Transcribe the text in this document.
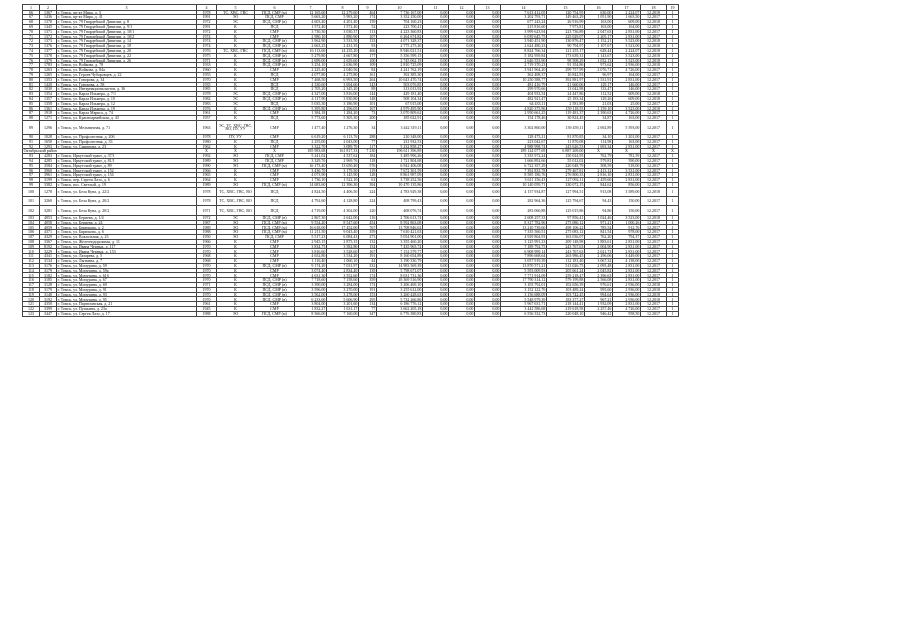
1	2	3	4	5	6	7	8	9	10	11	12	13	14	15	16	17	18	19
66	1367	г. Томск, пр-кт Мира, д. 3	1978	ТС, ХВС, ГВС	ПСД, СМР (м)	12 165,60	12 279,60	464	7 736 167,00	0,00	0,00	0,00	7 613 412,05	120 754,95	630,00	2 224,07	12.2018	1
67	1436	г. Томск, пр-кт Мира, д. 41	1991	ЭО	ПСД, СМР	5 663,20	5 983,20	174	3 352 250,00	0,00	0,00	0,00	3 202 793,71	149 463,29	1 051,90	1 663,50	12.2017	1
68	1370	г. Томск, ул. 79 Гвардейской Дивизии, д. 8	1972	ЭС	ПСД, СМР (в)	4 603,40	4 201,40	159	704 160,23	0,00	0,00	0,00	677 243,24	26 916,99	163,00	609,00	12.2018	1
69	1445	г. Томск, ул. 79 Гвардейской Дивизии, д. 9/1	1991	К	ПСД	1 572,40	1 572,40	52	223 700,41	0,00	0,00	0,00	215 816,60	7 973,81	163,00	164,00	12.2017	1
70	1371	г. Томск, ул. 79 Гвардейской Дивизии, д. 10/1	1972	К	СМР	3 730,30	3 030,37	113	4 223 360,83	0,00	0,00	0,00	3 999 623,94	223 736,89	2 047,63	2 831,00	12.2017	1
71	1372	г. Томск, ул. 79 Гвардейской Дивизии, д. 10/2	1974	К	СМР	2 980,10	2 880,90	107	6 264 674,82	0,00	0,00	0,00	6 039 645,75	225 029,07	2 205,17	2 831,00	12.2017	1
72	1373	г. Томск, ул. 79 Гвардейской Дивизии, д. 14	1974	К	ПСД, СМР (в)	3 962,90	3 533,50	133	4 071 328,37	0,00	0,00	0,00	3 940 451,90	130 876,47	1 152,21	3 523,00	12.2018	1
73	1376	г. Томск, ул. 79 Гвардейской Дивизии, д. 18	1974	К	ПСД, СМР (в)	2 663,25	2 431,35	93	2 775 275,20	0,00	0,00	0,00	2 624 480,23	90 794,97	1 107,67	3 523,00	12.2018	1
74	1377	г. Томск, ул. 79 Гвардейской Дивизии, д. 20	1976	ТС, ХВС, ГВС	ПСД, СМР (м)	16 113,60	14 235,20	466	8 946 021,51	0,00	0,00	0,00	8 824 766,34	121 255,17	628,44	2 224,07	12.2018	1
75	1378	г. Томск, ул. 79 Гвардейской Дивизии, д. 22	1975	К	ПСД, СМР (в)	5 279,80	4 667,80	177	5 356 599,15	0,00	0,00	0,00	5 182 959,84	173 639,31	1 143,67	3 523,00	12.2018	1
76	1379	г. Томск, ул. 79 Гвардейской Дивизии, д. 26	1971	К	ПСД, СМР (в)	2 699,00	2 659,60	100	2 745 062,19	0,00	0,00	0,00	2 646 553,90	98 508,29	1 032,13	3 523,00	12.2018	1
77	1783	г. Томск, ул. Войкова, д. 78	1933	К	ПСД, СМР (в)	3 254,10	2 636,90	109	2 810 725,09	0,00	0,00	0,00	2 719 370,23	91 354,86	973,62	2 936,00	12.2018	1
78	1263	г. Томск, ул. Войкова, д. 84а	1960	К	СМР	2 225,40	2 040,56	84	4 241 762,19	0,00	0,00	0,00	3 941 964,20	299 757,99	2 076,71	4 726,00	12.2017	1
79	1265	г. Томск, ул. Героев Чубаровцев, д. 22	1955	К	ПСД	4 077,80	4 275,80	161	392 385,30	0,00	0,00	0,00	362 408,37	16 842,93	96,97	164,00	12.2017	1
80	1353	г. Томск, ул. Говорова, д. 34	1970	К	СМР	7 468,50	6 993,50	264	10 643 470,74	0,00	0,00	0,00	10 250 588,77	392 881,97	1 531,91	2 831,00	12.2017	1
81	1420	г. Томск, ул. Говорова, д. 58	1935	К	ПСД	4 330,60	3 694,60	143	503 076,85	0,00	0,00	0,00	481 416,79	21 660,06	129,17	146,00	12.2017	1
82	1030	г. Томск, ул. Интернационалистов, д. 36	1985	К	ПСД	2 705,20	2 345,20	89	313 013,92	0,00	0,00	0,00	299 970,66	13 042,98	133,47	146,00	12.2017	1
83	1354	г. Томск, ул. Карла Ильмера, д. 7/1	1978	ЭС	ПСД, СМР (в)	4 327,00	3 816,00	144	429 181,40	0,00	0,00	0,00	404 933,54	24 447,86	112,52	609,00	12.2018	1
84	1357	г. Томск, ул. Карла Ильмера, д. 10	1982	ЭС	ПСД, СМР (в)	4 117,90	3 930,80	148	508 104,34	0,00	0,00	0,00	482 921,47	25 183,34	129,26	609,00	12.2018	1
85	1358	г. Томск, ул. Карла Ильмера, д. 12	1983	ЭС	ПСД	5 035,30	3 186,90	101	67 015,00	0,00	0,00	0,00	64 433,11	2 581,89	21,03	25,00	12.2017	1
86	1361	г. Томск, ул. Карла Ильмера, д. 19	1976	К	ПСД, СМР (в)	5 395,80	4 296,05	167	4 979 495,90	0,00	0,00	0,00	4 820 375,96	159 118,55	1 159,10	3 523,00	12.2018	1
87	1918	г. Томск, ул. Карла Маркса, д. 74	1961	К	СМР	1 384,18	1 284,20	73	3 070 809,62	0,00	0,00	0,00	2 950 661,25	119 481,37	2 390,63	4 726,00	12.2017	1
88	1271	г. Томск, ул. Красноармейская, д. 43	1957	К	ПСД	5 773,60	5 305,30	200	185 022,91	0,00	0,00	0,00	154 178,46	30 824,45	34,87	163,00	12.2017	1
89	1296	г. Томск, ул. Мельничная, д. 71	1963	ЭС, ТС, ХВС, ГВС, ВО, ПУ, УУ	СМР	1 477,40	1 276,30	34	3 442 319,11	0,00	0,00	0,00	3 302 860,00	139 459,11	2 692,89	5 593,00	12.2017	1
90	1028	г. Томск, ул. Профсоюзная, д. 20б	1978	ПУ, УУ	СМР	6 619,20	6 113,76	288	210 348,00	0,00	0,00	0,00	128 475,21	81 870,85	34,10	1 201,00	12.2017	1
91	1650	г. Томск, ул. Профсоюзная, д. 33	1980	К	ПСД	2 255,00	2 043,00	77	231 932,53	0,00	0,00	0,00	223 042,67	11 870,08	114,98	163,00	12.2017	1
92	1293	г. Томск, ул. Смирнова, д. 23	1962	К	СМР	3 322,70	3 089,70	117	5 232 858,27	0,00	0,00	0,00	4 988 998,74	243 626,53	1 693,34	2 831,00	12.2017	1
Октябрьский район			X	X	X	185 983,68	161 817,33	7 230	196 611 396,89	0,00	0,00	0,00	189 124 077,69	6 887 269,00	X	X	X	X
93	4283	г. Томск, Иркутский тракт, д. 37/1	1992	ЭО	ПСД, СМР	5 241,02	4 537,62	184	3 485 996,26	0,00	0,00	0,00	3 335 972,24	150 024,95	762,79	781,59	12.2017	1
94	4285	г. Томск, Иркутский тракт, д. 81/1	1989	ЭО	ПСД, СМР	3 329,76	2 969,76	118	1 721 804,68	0,00	0,00	0,00	1 666 892,66	55 012,02	579,81	590,00	12.2017	1
95	3584	г. Томск, Иркутский тракт, д. 89	1990	ЭО	ПСД, СМР (м)	16 173,40	13 650,40	576	6 942 406,08	0,00	0,00	0,00	6 722 357,29	220 048,79	508,59	518,00	12.2017	1
96	3960	г. Томск, Иркутский тракт, д. 152	1966	К	СМР	3 436,70	3 179,50	119	7 672 301,59	0,00	0,00	0,00	7 392 833,78	279 467,81	2 413,12	3 531,00	12.2017	1
97	3961	г. Томск, Иркутский тракт, д. 154	1965	К	СМР	4 073,90	3 145,90	128	8 861 987,09	0,00	0,00	0,00	8 585 186,76	276 800,33	2 816,10	2 831,00	12.2017	1
98	3199	г. Томск, пер. Сергея Лазо, д. 6	1964	К	СМР	1 736,10	1 522,10	61	3 738 252,56	0,00	0,00	0,00	3 611 156,43	127 092,11	2 459,60	2 831,00	12.2017	1
99	3382	г. Томск, пос. Светлый, д. 19	1989	ЭО	ПСД, СМР (м)	14 683,60	12 396,30	394	10 470 135,86	0,00	0,00	0,00	10 140 059,71	330 072,15	844,62	856,00	12.2017	1
100	1278	г. Томск, ул. Бела Куна, д. 22/2	1978	ТС, ХВС, ГВС, ВО	ПСД	4 824,50	4 406,50	224	4 783 929,38	0,00	0,00	0,00	4 157 934,87	127 994,51	913,08	3 589,00	12.2018	1
101	3260	г. Томск, ул. Бела Куна, д. 20/2	1978	ТС, ХВС, ГВС, ВО	ПСД	4 792,60	4 128,80	224	408 799,43	0,00	0,00	0,00	282 964,36	125 794,67	94,43	150,00	12.2017	1
102	3281	г. Томск, ул. Бела Куна, д. 20/2	1971	ТС, ХВС, ГВС, ВО	ПСД	4 719,00	4 302,00	220	408 076,74	0,00	0,00	0,00	283 060,88	125 015,86	94,86	150,00	12.2017	1
103	4053	г. Томск, ул. Бериева, д. 1/4	1972	ЭС	ПСД, СМР (в)	2 867,30	2 642,00	116	2 706 613,74	0,00	0,00	0,00	2 608 257,33	97 856,41	1 024,46	3 523,00	12.2018	1
104	4058	г. Томск, ул. Бериева, д. 24	1987	ЭО	ПСД, СМР (м)	9 554,20	8 547,60	454	8 592 863,08	0,00	0,00	0,00	8 317 782,96	275 080,12	971,21	1 000,26	12.2017	1
105	4059	г. Томск, ул. Бирюкова, д. 2	1989	ЭО	ПСД, СМР (м)	16 618,00	17 452,00	767	13 708 846,02	0,00	0,00	0,00	13 210 739,60	498 106,22	785,54	912,76	12.2017	1
106	4371	г. Томск, ул. Бирюкова, д. 6	1988	ЭО	ПСД, СМР (м)	11 211,50	9 043,40	359	7 610 421,63	0,00	0,00	0,00	7 335 560,51	275 083,12	841,54	978,00	12.2017	1
107	4329	г. Томск, ул. Вокзальная, д. 23	1950	ЭО	ПСД, СМР	5 517,23	6 084,43	273	5 054 901,00	0,00	0,00	0,00	4 929 864,93	163 036,07	762,20	794,37	12.2017	1
108	3367	г. Томск, ул. Железнодорожная, д. 11	1966	К	СМР	2 945,15	2 875,15	132	3 355 460,20	0,00	0,00	0,00	3 125 991,23	209 148,98	1 883,61	2 831,00	12.2017	1
109	8192	г. Томск, ул. Ивана Черных, д. 117	1970	К	СМР	3 834,75	3 582,80	154	7 435 965,74	0,00	0,00	0,00	7 189 792,75	243 767,63	2 004,90	2 831,00	12.2017	1
110	3229	г. Томск, ул. Ивана Черных, д. 153	1970	К	СМР	3 816,60	3 528,60	167	7 152 579,77	0,00	0,00	0,00	6 908 999,14	243 767,63	2 021,73	2 831,00	12.2017	1
111	4341	г. Томск, ул. Лазарева, д. 5	1968	К	СМР	4 652,80	3 534,20	191	8 160 654,89	0,00	0,00	0,00	7 896 668,64	263 986,45	2 296,06	3 449,00	12.2017	1
112	3134	г. Томск, ул. Лыткина, д. 7	1968	К	СМР	1 116,40	1 060,10	44	3 190 330,79	0,00	0,00	0,00	3 057 919,39	112 181,40	3 067,32	4 138,00	12.2017	1
113	3176	г. Томск, ул. Мичурина, д. 59	1970	К	ПСД, СМР (в)	9 174,20	7 031,97	332	14 983 569,39	0,00	0,00	0,00	13 870 571,21	513 026,75	2 095,48	2 831,00	12.2017	1
114	3179	г. Томск, ул. Мичурина, д. 59а	1970	К	СМР	3 074,40	2 834,40	139	5 798 671,07	0,00	0,00	0,00	5 593 009,93	205 661,24	2 045,82	2 831,00	12.2017	1
115	3182	г. Томск, ул. Мичурина, д. 61б	1970	К	СМР	4 631,30	3 552,60	174	8 031 731,36	0,00	0,00	0,00	7 771 914,09	259 218,47	2 396,63	2 831,00	12.2017	1
116	3185	г. Томск, ул. Мичурина, д. 67	1970	К	ПСД, СМР (в)	7 718,60	7 158,60	359	18 369 516,90	0,00	0,00	0,00	17 790 314,12	579 199,88	2 566,08	2 831,00	12.2017	1
117	3128	г. Томск, ул. Мичурина, д. 69	1971	К	ПСД, СМР (в)	3 390,00	3 284,00	174	3 206 469,10	0,00	0,00	0,00	3 103 792,01	102 656,39	976,61	2 936,00	12.2018	1
118	3179	г. Томск, ул. Мичурина, д. 91	1970	К	ПСД, СМР (в)	3 596,00	3 270,00	191	3 255 612,00	0,00	0,00	0,00	3 152 122,76	103 489,24	995,60	2 936,00	12.2018	1
119	3140	г. Томск, ул. Мичурина, д. 93	1970	К	ПСД, СМР (в)	3 562,00	3 278,00	153	3 260 428,63	0,00	0,00	0,00	3 156 688,09	103 742,45	994,64	2 936,00	12.2018	1
120	3192	г. Томск, ул. Мичурина, д. 95	1970	К	ПСД, СМР (в)	6 233,00	5 606,90	295	5 732 266,86	0,00	0,00	0,00	5 548 979,39	183 377,27	967,21	2 936,00	12.2018	1
121	4350	г. Томск, ул. Партизанская, д. 21	1961	К	СМР	3 804,00	3 201,60	134	6 186 776,12	0,00	0,00	0,00	5 967 631,71	218 144,41	1 932,09	2 831,00	12.2017	1
122	3399	г. Томск, ул. Пушкина, д. 23а	1945	К	СМР	1 832,27	1 631,17	77	3 662 205,18	0,00	0,00	0,00	3 442 586,68	219 618,58	2 257,46	4 726,00	12.2017	1
123	3447	г. Томск, ул. Сергея Лазо, д. 17	1988	ЭО	ПСД, СМР (м)	8 366,00	7 160,00	347	6 776 380,83	0,00	0,00	0,00	6 556 332,73	220 048,10	946,42	958,50	12.2017	1
